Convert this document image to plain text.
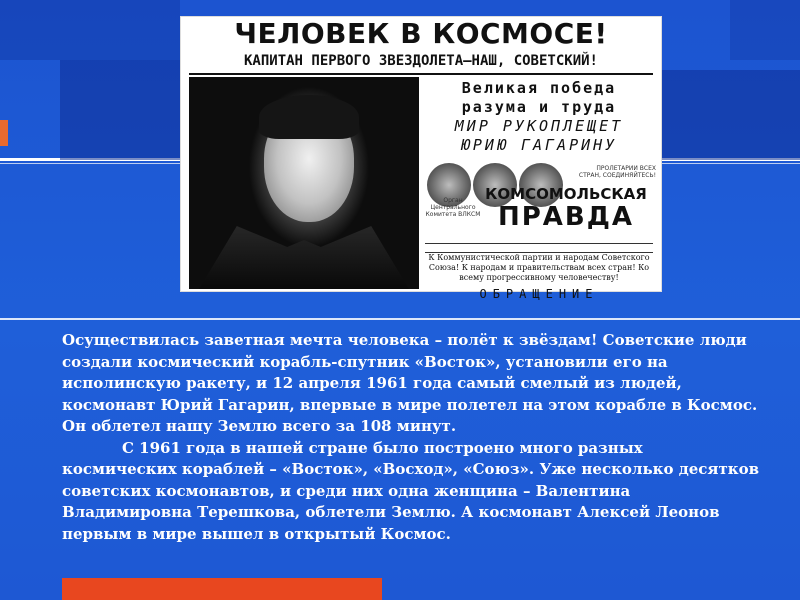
ЧЕЛОВЕК В КОСМОСЕ!
КАПИТАН ПЕРВОГО ЗВЕЗДОЛЕТА—НАШ, СОВЕТСКИЙ!
Великая победа
разума и труда
МИР РУКОПЛЕЩЕТ
ЮРИЮ ГАГАРИНУ
ПРОЛЕТАРИИ ВСЕХ СТРАН, СОЕДИНЯЙТЕСЬ!
Орган Центрального Комитета ВЛКСМ
КОМСОМОЛЬСКАЯ
ПРАВДА
К Коммунистической партии и народам Советского Союза! К народам и правительствам всех стран! Ко всему прогрессивному человечеству!
ОБРАЩЕНИЕ

Осуществилась заветная мечта человека – полёт к звёздам! Советские люди создали космический корабль-спутник «Восток», установили его на исполинскую ракету, и 12 апреля 1961 года самый смелый из людей, космонавт Юрий Гагарин, впервые в мире полетел на этом корабле в Космос. Он облетел нашу Землю всего за 108 минут.

С 1961 года в нашей стране было построено много разных космических кораблей – «Восток», «Восход», «Союз». Уже несколько десятков советских космонавтов, и среди них одна женщина – Валентина Владимировна Терешкова, облетели Землю. А космонавт Алексей Леонов первым в мире вышел в открытый Космос.
